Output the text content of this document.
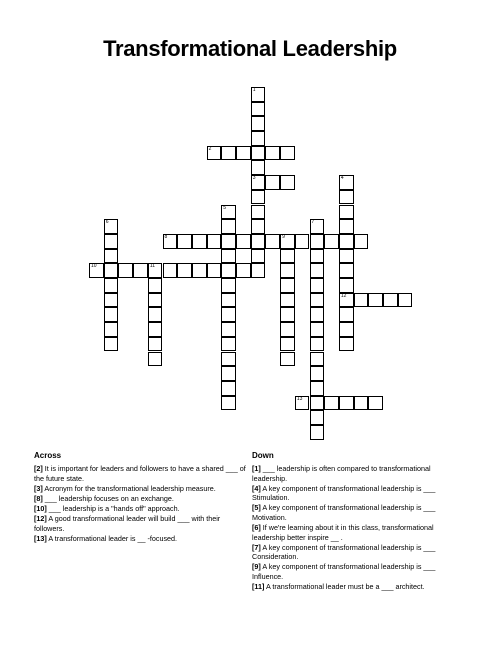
Transformational Leadership
2
3
8	9
10	11
12
13
1
4
5
6	7
Across	Down
[2] It is important for leaders and followers to have a shared ___ of the future state.
[3] Acronym for the transformational leadership measure.
[8] ___ leadership focuses on an exchange.
[10] ___ leadership is a "hands off" approach.
[12] A good transformational leader will build ___ with their followers.
[13] A transformational leader is __ -focused.
[1] ___ leadership is often compared to transformational leadership.
[4] A key component of transformational leadership is ___ Stimulation.
[5] A key component of transformational leadership is ___ Motivation.
[6] If we're learning about it in this class, transformational leadership better inspire __ .
[7] A key component of transformational leadership is ___ Consideration.
[9] A key component of transformational leadership is ___ Influence.
[11] A transformational leader must be a ___ architect.
